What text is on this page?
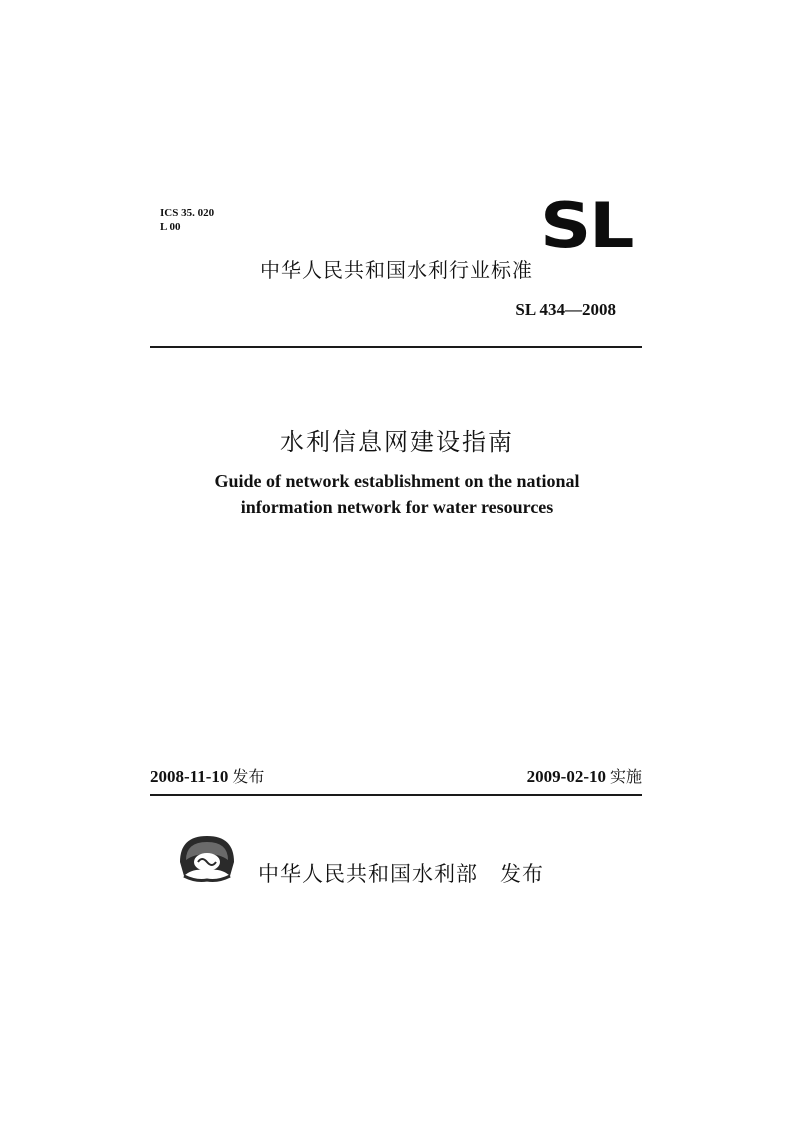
ICS 35. 020
L 00	SL
中华人民共和国水利行业标准
SL 434—2008
水利信息网建设指南
Guide of network establishment on the national
information network for water resources
2008-11-10 发布	2009-02-10 实施
中华人民共和国水利部 发布
